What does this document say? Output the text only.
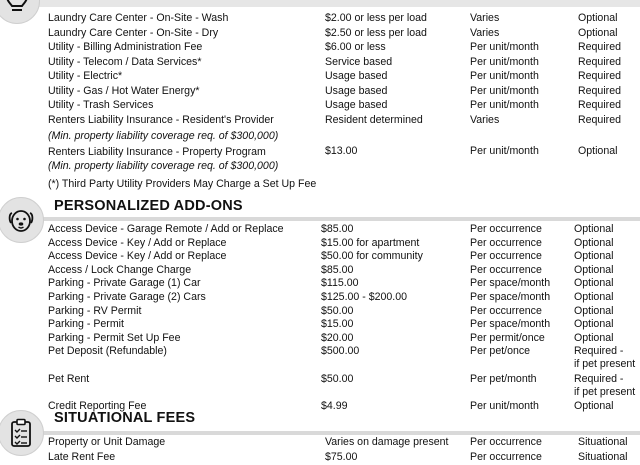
Laundry Care Center - On-Site - Wash	$2.00 or less per load	Varies	Optional
Laundry Care Center - On-Site - Dry	$2.50 or less per load	Varies	Optional
Utility - Billing Administration Fee	$6.00 or less	Per unit/month	Required
Utility - Telecom / Data Services*	Service based	Per unit/month	Required
Utility - Electric*	Usage based	Per unit/month	Required
Utility - Gas / Hot Water Energy*	Usage based	Per unit/month	Required
Utility - Trash Services	Usage based	Per unit/month	Required
Renters Liability Insurance - Resident's Provider	Resident determined	Varies	Required
(Min. property liability coverage req. of $300,000)
Renters Liability Insurance - Property Program	$13.00	Per unit/month	Optional
(Min. property liability coverage req. of $300,000)
(*) Third Party Utility Providers May Charge a Set Up Fee
PERSONALIZED ADD-ONS
Access Device - Garage Remote / Add or Replace	$85.00	Per occurrence	Optional
Access Device - Key / Add or Replace	$15.00 for apartment	Per occurrence	Optional
Access Device - Key / Add or Replace	$50.00 for community	Per occurrence	Optional
Access / Lock Change Charge	$85.00	Per occurrence	Optional
Parking - Private Garage (1) Car	$115.00	Per space/month Optional
Parking - Private Garage (2) Cars	$125.00 - $200.00	Per space/month Optional
Parking - RV Permit	$50.00	Per occurrence	Optional
Parking - Permit	$15.00	Per space/month Optional
Parking - Permit Set Up Fee	$20.00	Per permit/once	Optional
Pet Deposit (Refundable)	$500.00	Per pet/once	Required -
if pet present
Pet Rent	$50.00	Per pet/month	Required -
if pet present
Credit Reporting Fee	$4.99	Per unit/month	Optional
SITUATIONAL FEES
Property or Unit Damage	Varies on damage present Per occurrence	Situational
Late Rent Fee	$75.00	Per occurrence	Situational
